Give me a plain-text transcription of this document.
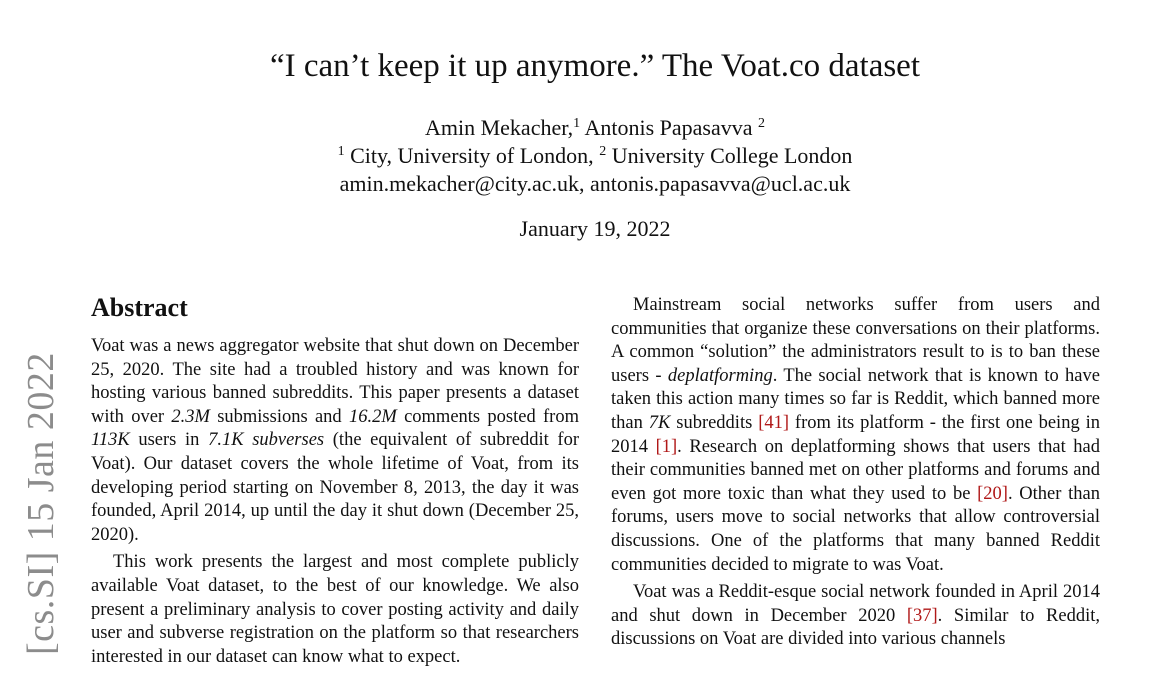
[cs.SI] 15 Jan 2022
“I can’t keep it up anymore.” The Voat.co dataset
Amin Mekacher,$^1$ Antonis Papasavva $^2$
$^1$ City, University of London, $^2$ University College London
amin.mekacher@city.ac.uk, antonis.papasavva@ucl.ac.uk
January 19, 2022
Abstract

Voat was a news aggregator website that shut down on December 25, 2020. The site had a troubled history and was known for hosting various banned subreddits. This paper presents a dataset with over 2.3M submissions and 16.2M comments posted from 113K users in 7.1K subverses (the equivalent of subreddit for Voat). Our dataset covers the whole lifetime of Voat, from its developing period starting on November 8, 2013, the day it was founded, April 2014, up until the day it shut down (December 25, 2020).

This work presents the largest and most complete publicly available Voat dataset, to the best of our knowledge. We also present a preliminary analysis to cover posting activity and daily user and subverse registration on the platform so that researchers interested in our dataset can know what to expect.

Mainstream social networks suffer from users and communities that organize these conversations on their platforms. A common “solution” the administrators result to is to ban these users - deplatforming. The social network that is known to have taken this action many times so far is Reddit, which banned more than 7K subreddits [41] from its platform - the first one being in 2014 [1]. Research on deplatforming shows that users that had their communities banned met on other platforms and forums and even got more toxic than what they used to be [20]. Other than forums, users move to social networks that allow controversial discussions. One of the platforms that many banned Reddit communities decided to migrate to was Voat.

Voat was a Reddit-esque social network founded in April 2014 and shut down in December 2020 [37]. Similar to Reddit, discussions on Voat are divided into various channels
